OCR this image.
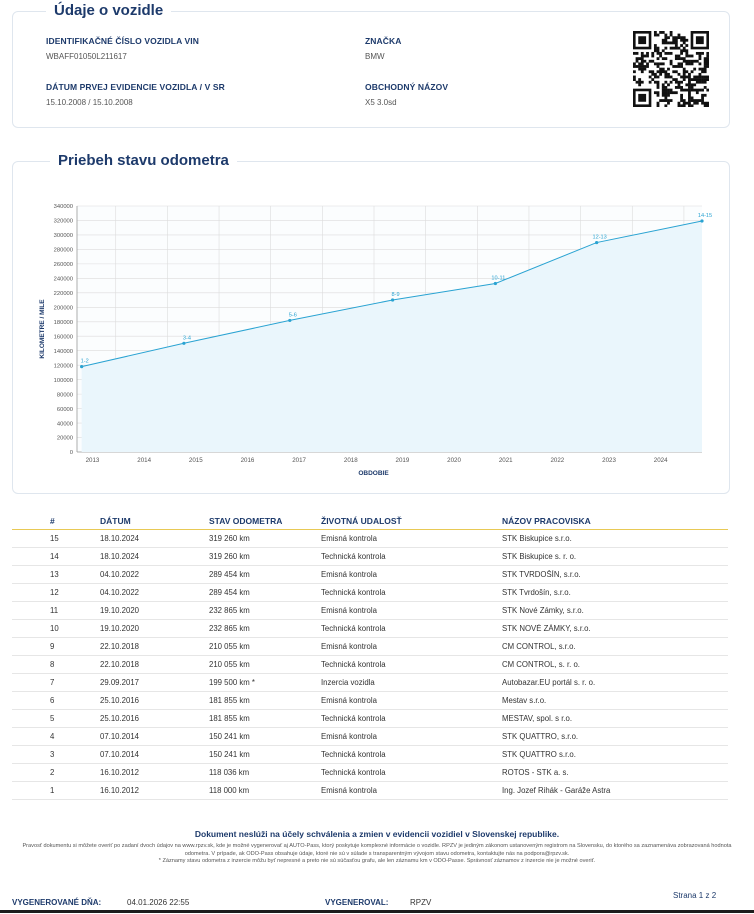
Údaje o vozidle
IDENTIFIKAČNÉ ČÍSLO VOZIDLA VIN
WBAFF01050L211617
ZNAČKA
BMW
DÁTUM PRVEJ EVIDENCIE VOZIDLA / V SR
15.10.2008 / 15.10.2008
OBCHODNÝ NÁZOV
X5 3.0sd
Priebeh stavu odometra
0
20000
40000
60000
80000
100000
120000
140000
160000
180000
200000
220000
240000
260000
280000
300000
320000
340000
2013	2014	2015	2016	2017	2018	2019	2020	2021	2022	2023	2024
1-2
3-4
5-6
8-9
10-11
12-13
14-15
OBDOBIE
KILOMETRE / MILE
#	DÁTUM	STAV ODOMETRA	ŽIVOTNÁ UDALOSŤ	NÁZOV PRACOVISKA
15	18.10.2024	319 260 km	Emisná kontrola	STK Biskupice s.r.o.
14	18.10.2024	319 260 km	Technická kontrola	STK Biskupice s. r. o.
13	04.10.2022	289 454 km	Emisná kontrola	STK TVRDOŠÍN, s.r.o.
12	04.10.2022	289 454 km	Technická kontrola	STK Tvrdošín, s.r.o.
11	19.10.2020	232 865 km	Emisná kontrola	STK Nové Zámky, s.r.o.
10	19.10.2020	232 865 km	Technická kontrola	STK NOVÉ ZÁMKY, s.r.o.
9	22.10.2018	210 055 km	Emisná kontrola	CM CONTROL, s.r.o.
8	22.10.2018	210 055 km	Technická kontrola	CM CONTROL, s. r. o.
7	29.09.2017	199 500 km *	Inzercia vozidla	Autobazar.EU portál s. r. o.
6	25.10.2016	181 855 km	Emisná kontrola	Mestav s.r.o.
5	25.10.2016	181 855 km	Technická kontrola	MESTAV, spol. s r.o.
4	07.10.2014	150 241 km	Emisná kontrola	STK QUATTRO, s.r.o.
3	07.10.2014	150 241 km	Technická kontrola	STK QUATTRO s.r.o.
2	16.10.2012	118 036 km	Technická kontrola	ROTOS - STK a. s.
1	16.10.2012	118 000 km	Emisná kontrola	Ing. Jozef Rihák - Garáže Astra
Dokument neslúži na účely schválenia a zmien v evidencii vozidiel v Slovenskej republike.
Pravosť dokumentu si môžete overiť po zadaní dvoch údajov na www.rpzv.sk, kde je možné vygenerovať aj AUTO-Pass, ktorý poskytuje komplexné informácie o vozidle. RPZV je jediným zákonom ustanoveným registrom na Slovensku, do ktorého sa zaznamenáva zobrazovaná hodnota odometra. V prípade, ak ODO-Pass obsahuje údaje, ktoré nie sú v súlade s transparentným vývojom stavu odometra, kontaktujte nás na podpora@rpzv.sk.
* Záznamy stavu odometra z inzercie môžu byť nepresné a preto nie sú súčasťou grafu, ale len záznamu km v ODO-Passe. Správnosť záznamov z inzercie nie je možné overiť.
VYGENEROVANÉ DŇA:	04.01.2026 22:55	VYGENEROVAL:	RPZV
Strana 1 z 2
